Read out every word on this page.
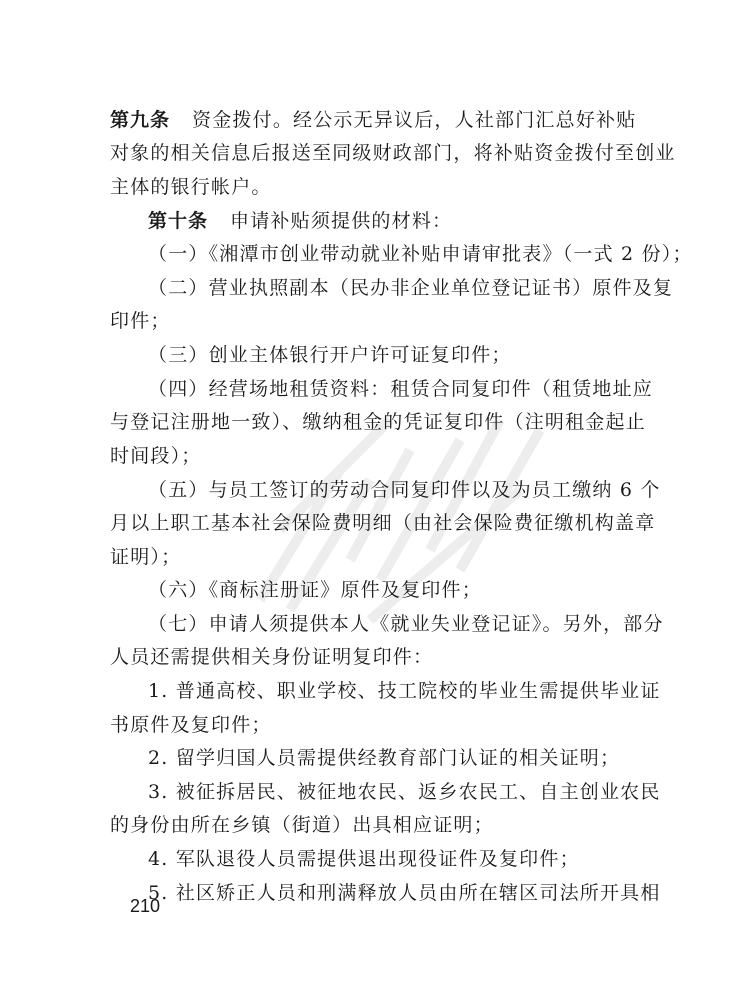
第九条 资金拨付。经公示无异议后，人社部门汇总好补贴
对象的相关信息后报送至同级财政部门，将补贴资金拨付至创业
主体的银行帐户。
第十条 申请补贴须提供的材料：
（一）《湘潭市创业带动就业补贴申请审批表》（一式 2 份）；
（二）营业执照副本（民办非企业单位登记证书）原件及复
印件；
（三）创业主体银行开户许可证复印件；
（四）经营场地租赁资料：租赁合同复印件（租赁地址应
与登记注册地一致）、缴纳租金的凭证复印件（注明租金起止
时间段）；
（五）与员工签订的劳动合同复印件以及为员工缴纳 6 个
月以上职工基本社会保险费明细（由社会保险费征缴机构盖章
证明）；
（六）《商标注册证》原件及复印件；
（七）申请人须提供本人《就业失业登记证》。另外，部分
人员还需提供相关身份证明复印件：
1. 普通高校、职业学校、技工院校的毕业生需提供毕业证
书原件及复印件；
2. 留学归国人员需提供经教育部门认证的相关证明；
3. 被征拆居民、被征地农民、返乡农民工、自主创业农民
的身份由所在乡镇（街道）出具相应证明；
4. 军队退役人员需提供退出现役证件及复印件；
5. 社区矫正人员和刑满释放人员由所在辖区司法所开具相
210
